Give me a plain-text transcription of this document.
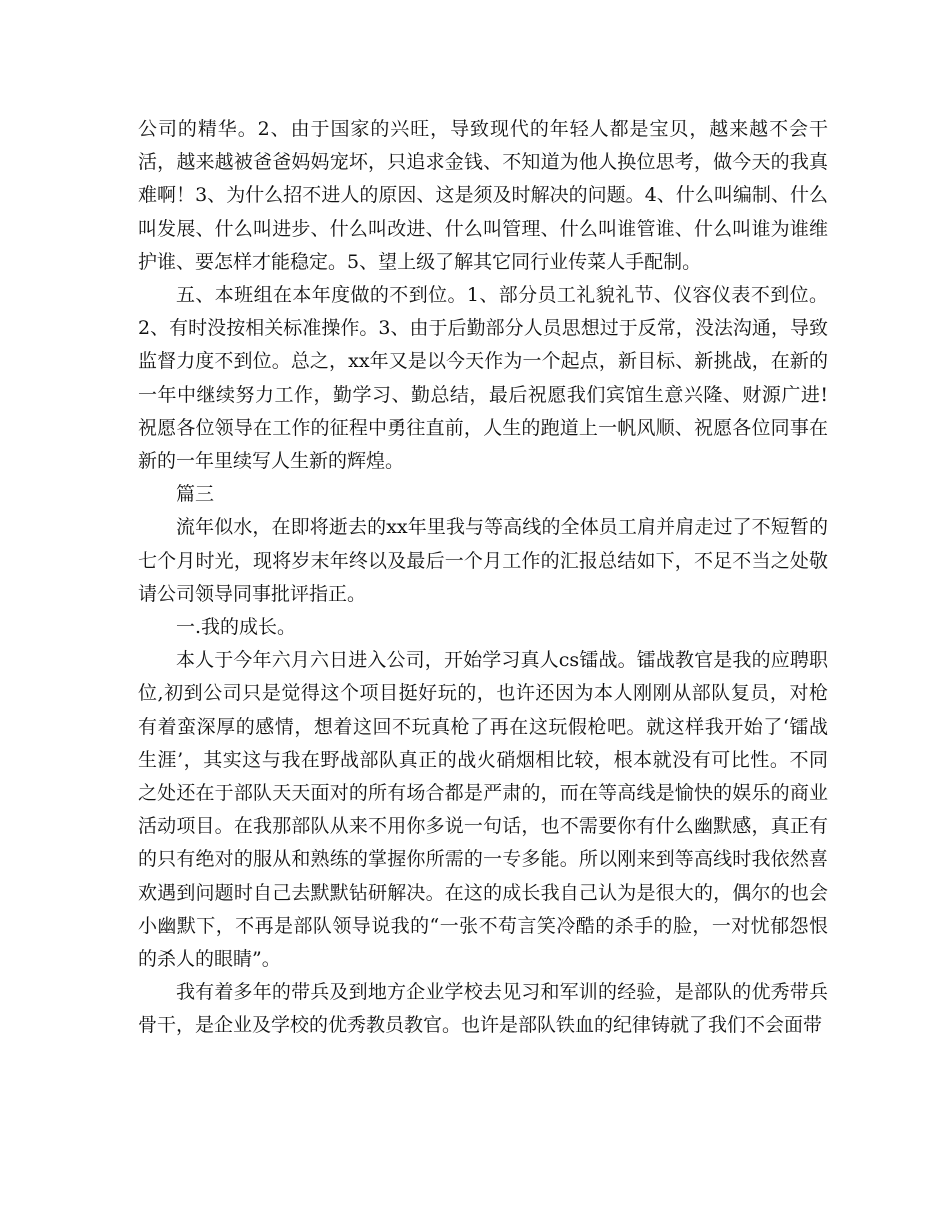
公司的精华。2、由于国家的兴旺，导致现代的年轻人都是宝贝，越来越不会干活，越来越被爸爸妈妈宠坏，只追求金钱、不知道为他人换位思考，做今天的我真难啊！3、为什么招不进人的原因、这是须及时解决的问题。4、什么叫编制、什么叫发展、什么叫进步、什么叫改进、什么叫管理、什么叫谁管谁、什么叫谁为谁维护谁、要怎样才能稳定。5、望上级了解其它同行业传菜人手配制。

五、本班组在本年度做的不到位。1、部分员工礼貌礼节、仪容仪表不到位。2、有时没按相关标准操作。3、由于后勤部分人员思想过于反常，没法沟通，导致监督力度不到位。总之，xx年又是以今天作为一个起点，新目标、新挑战，在新的一年中继续努力工作，勤学习、勤总结，最后祝愿我们宾馆生意兴隆、财源广进!祝愿各位领导在工作的征程中勇往直前，人生的跑道上一帆风顺、祝愿各位同事在新的一年里续写人生新的辉煌。

篇三

流年似水，在即将逝去的xx年里我与等高线的全体员工肩并肩走过了不短暂的七个月时光，现将岁末年终以及最后一个月工作的汇报总结如下，不足不当之处敬请公司领导同事批评指正。

一.我的成长。

本人于今年六月六日进入公司，开始学习真人cs镭战。镭战教官是我的应聘职位,初到公司只是觉得这个项目挺好玩的，也许还因为本人刚刚从部队复员，对枪有着蛮深厚的感情，想着这回不玩真枪了再在这玩假枪吧。就这样我开始了‘镭战生涯’，其实这与我在野战部队真正的战火硝烟相比较，根本就没有可比性。不同之处还在于部队天天面对的所有场合都是严肃的，而在等高线是愉快的娱乐的商业活动项目。在我那部队从来不用你多说一句话，也不需要你有什么幽默感，真正有的只有绝对的服从和熟练的掌握你所需的一专多能。所以刚来到等高线时我依然喜欢遇到问题时自己去默默钻研解决。在这的成长我自己认为是很大的，偶尔的也会小幽默下，不再是部队领导说我的“一张不苟言笑冷酷的杀手的脸，一对忧郁怨恨的杀人的眼睛”。

我有着多年的带兵及到地方企业学校去见习和军训的经验，是部队的优秀带兵骨干，是企业及学校的优秀教员教官。也许是部队铁血的纪律铸就了我们不会面带
